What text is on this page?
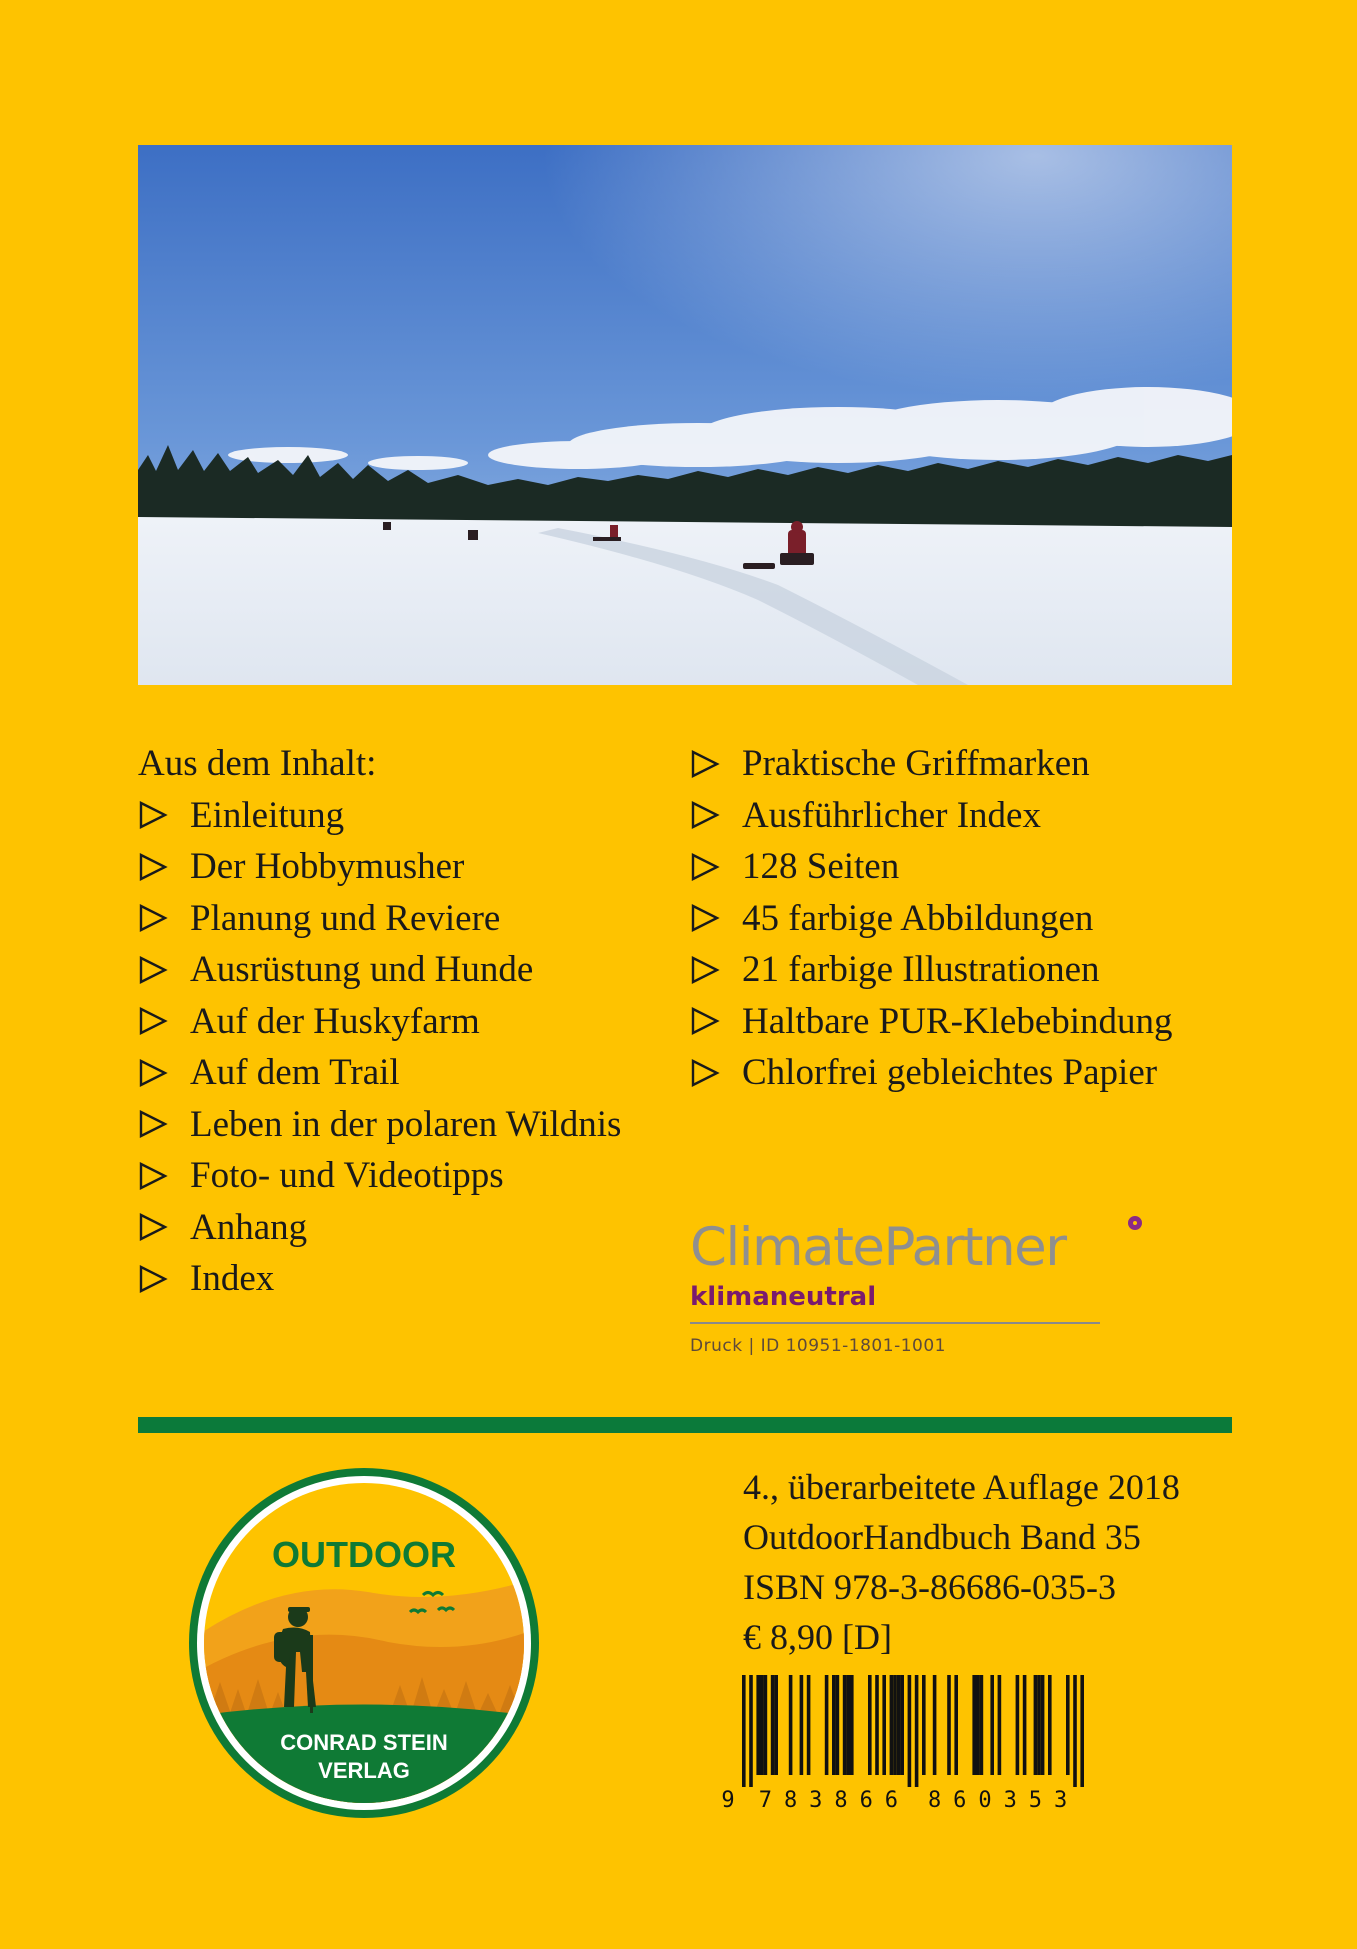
Aus dem Inhalt:
Einleitung
Der Hobbymusher
Planung und Reviere
Ausrüstung und Hunde
Auf der Huskyfarm
Auf dem Trail
Leben in der polaren Wildnis
Foto- und Videotipps
Anhang
Index
Praktische Griffmarken
Ausführlicher Index
128 Seiten
45 farbige Abbildungen
21 farbige Illustrationen
Haltbare PUR-Klebebindung
Chlorfrei gebleichtes Papier
ClimatePartner
klimaneutral
Druck | ID 10951-1801-1001
OUTDOOR
CONRAD STEIN
VERLAG
4., überarbeitete Auflage 2018
OutdoorHandbuch Band 35
ISBN 978-3-86686-035-3
€ 8,90 [D]
9 7 8 3 8 6 6 8 6 0 3 5 3
